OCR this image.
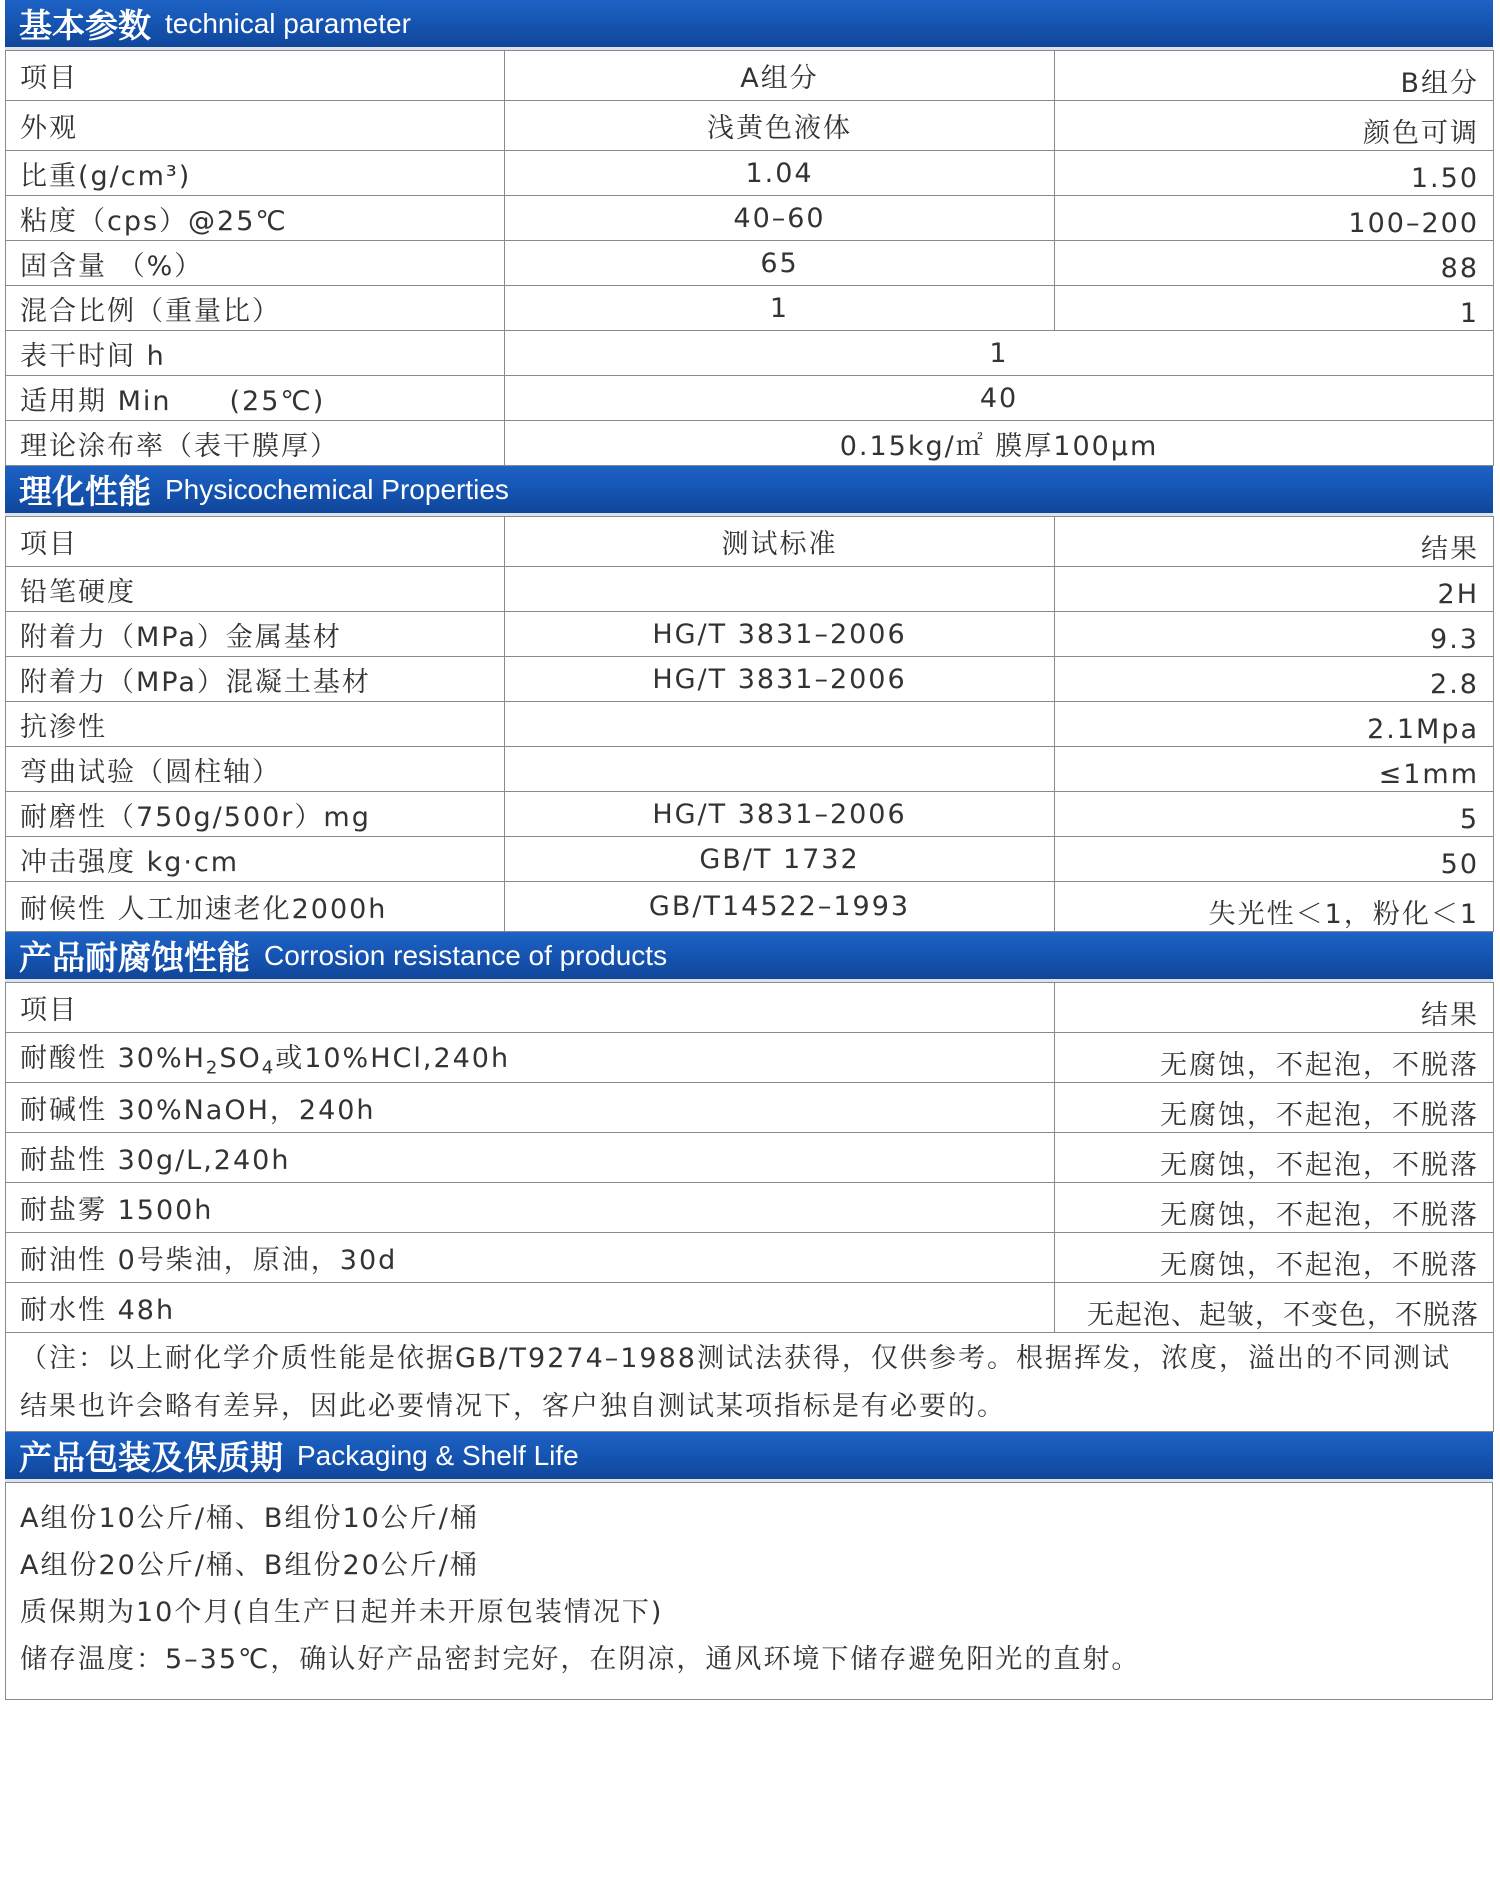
基本参数 technical parameter
项目	A组分	B组分
外观	浅黄色液体	颜色可调
比重(g/cm³)	1.04	1.50
粘度（cps）@25℃	40–60	100–200
固含量 （%）	65	88
混合比例（重量比）	1	1
表干时间 h	1	
适用期 Min　　(25℃)	40	
理论涂布率（表干膜厚）	0.15kg/㎡ 膜厚100μm	
理化性能 Physicochemical Properties
项目	测试标准	结果
铅笔硬度		2H
附着力（MPa）金属基材	HG/T 3831–2006	9.3
附着力（MPa）混凝土基材	HG/T 3831–2006	2.8
抗渗性		2.1Mpa
弯曲试验（圆柱轴）		≤1mm
耐磨性（750g/500r）mg	HG/T 3831–2006	5
冲击强度 kg·cm	GB/T 1732	50
耐候性 人工加速老化2000h	GB/T14522–1993	失光性＜1，粉化＜1
产品耐腐蚀性能 Corrosion resistance of products
项目	结果
耐酸性 $30\%H_2SO_4$或10%HCl,240h	无腐蚀，不起泡，不脱落
耐碱性 30%NaOH，240h	无腐蚀，不起泡，不脱落
耐盐性 30g/L,240h	无腐蚀，不起泡，不脱落
耐盐雾 1500h	无腐蚀，不起泡，不脱落
耐油性 0号柴油，原油，30d	无腐蚀，不起泡，不脱落
耐水性 48h	无起泡、起皱，不变色，不脱落
（注：以上耐化学介质性能是依据GB/T9274–1988测试法获得，仅供参考。根据挥发，浓度，溢出的不同测试结果也许会略有差异，因此必要情况下，客户独自测试某项指标是有必要的。	
产品包装及保质期 Packaging & Shelf Life
A组份10公斤/桶、B组份10公斤/桶
A组份20公斤/桶、B组份20公斤/桶
质保期为10个月(自生产日起并未开原包装情况下)
储存温度：5–35℃，确认好产品密封完好，在阴凉，通风环境下储存避免阳光的直射。
